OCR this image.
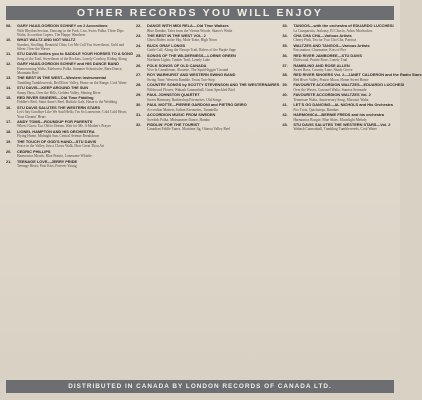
OTHER RECORDS YOU WILL ENJOY
08. GARY HAAS-GORDON SCHNEY on 2 Accordions
With Rhythm Section, Dancing in the Park, Lisa, Swiss Polka, Three Dips Waltz, Accordion Capers, The Happy Wanderer
10. WHAT WALTZ AND NOT WALTZ
Stardust, Strolling, Beautiful Ohio, Let Me Call You Sweetheart, Gold and Silver, Over the Waves
11. STU DAVIS invites you to SADDLE YOUR HORSES TO A SONG
Song of the Trail, Sweetheart of the Rockies, Lonely Cowboy, Riding Along
12. GARY HAAS-GORDON SCHNEY and HIS DANCE BAND
Homecoming Waltz, Edelweiss Polka, Summer Schottische, Barn Dance, Mountain Reel
13. THE BEST IN THE WEST—Western Instrumental
Tumbling Tumbleweeds, Red River Valley, Home on the Range, Cool Water
14. STU DAVIS—KEEP AROUND THE SUN
Sunny Days, Over the Hills, Golden Valley, Shining River
15. RED RIVER SINGERS—Old Time Fiddling
Fiddler's Reel, Saint Anne's Reel, Buffalo Gals, Haste to the Wedding
16. STU DAVIS SALUTES THE WESTERN STARS
Let's Say Goodbye Like We Said Hello, I'm So Lonesome, Cold Cold Heart, Your Cheatin' Heart
17. ANDY TOMS—ROUNDUP FOR PARENTS
When I Grow Too Old to Dream, Wait for Me, A Mother's Prayer
18. LIONEL HAMPTON AND HIS ORCHESTRA
Flying Home, Midnight Sun, Central Avenue Breakdown
19. THE TOUCH OF GOD'S HAND—STU DAVIS
Peace in the Valley, Just a Closer Walk, How Great Thou Art
20. CEDRIC PHILLIPS
Harmonica Moods, Blue Prairie, Lonesome Whistle
21. TEENAGE LOVE—JERRY PRIDE
Teenage Heart, First Kiss, Forever Young
22. DANCE WITH MIDI RELA—Old Time Waltzes
Blue Danube, Tales from the Vienna Woods, Skater's Waltz
23. THE BEST IN THE WEST VOL. 2
Ghost Riders in the Sky, Mule Train, High Noon
24. BUCK GRAY LONGS
Cattle Call, Along the Navajo Trail, Riders of the Purple Sage
25. SONGS OF THE WILDERNESS—LORNE GREEN
Northern Lights, Timber Trail, Lonely Lake
26. FOLK SONGS OF OLD CANADA
Vive la Canadienne, Alouette, The Squid-Jiggin' Ground
27. ROY WARHURST AND WESTERN SWING BAND
Swing Time, Western Ramble, Texas Two-Step
28. COUNTRY SONGS by SCOTTY STEVENSON AND THE WESTERNAIRES
Wildwood Flower, Wabash Cannonball, Great Speckled Bird
29. PAUL JOHNSTON QUARTET
Sweet Harmony, Barbershop Favourites, Old Songs
30. PAUL MOTTE—PIERRE GARDONI and PIETRO DEIRO
Accordion Masters, Italian Favourites, Tarantella
31. ACCORDION MUSIC FROM SWEDEN
Swedish Polka, Midsummer Dance, Hambo
32. FIDDLIN' FOR THE TOURIST
Canadian Fiddle Tunes, Maritime Jig, Ottawa Valley Reel
33. TANGOS—with the orchestra of EDUARDO LUCCHESI
La Cumparsita, Jealousy, El Choclo, Adios Muchachos
34. CHA CHA CHA—Various Artists
Cherry Pink, Tea for Two Cha Cha, Patricia
35. WALTZES AND TANGOS—Various Artists
Fascination, Charmaine, Kiss of Fire
36. RED RIVER JAMBOREE—STU DAVIS
Driftwood, Prairie Rose, Lonely Trail
37. RAMBLING AND ROSE ALLEN
Sweet Rose, Country Lane, Shady Grove
38. RED RIVER SINGERS Vol. 2—JANET CALDERON and the Radio Stars
Red River Valley, Prairie Moon, Home Sweet Home
39. FAVOURITE ACCORDION WALTZES—EDUARDO LUCCHESI
Over the Waves, Carousel Waltz, Sunrise Serenade
40. FAVOURITE ACCORDION WALTZES Vol. 2
Tennessee Waltz, Anniversary Song, Missouri Waltz
41. LET'S GO DANCING—AL NICHOLS and His Orchestra
Fox Trots, Quicksteps, Rumbas
42. HARMONICA—BERNIE FREDS and his orchestra
Harmonica Boogie, Blue Skies, Moonlight Melody
43. STU DAVIS SALUTES THE WESTERN STARS—Vol. 2
Wabash Cannonball, Tumbling Tumbleweeds, Cool Water
DISTRIBUTED IN CANADA BY LONDON RECORDS OF CANADA LTD.
